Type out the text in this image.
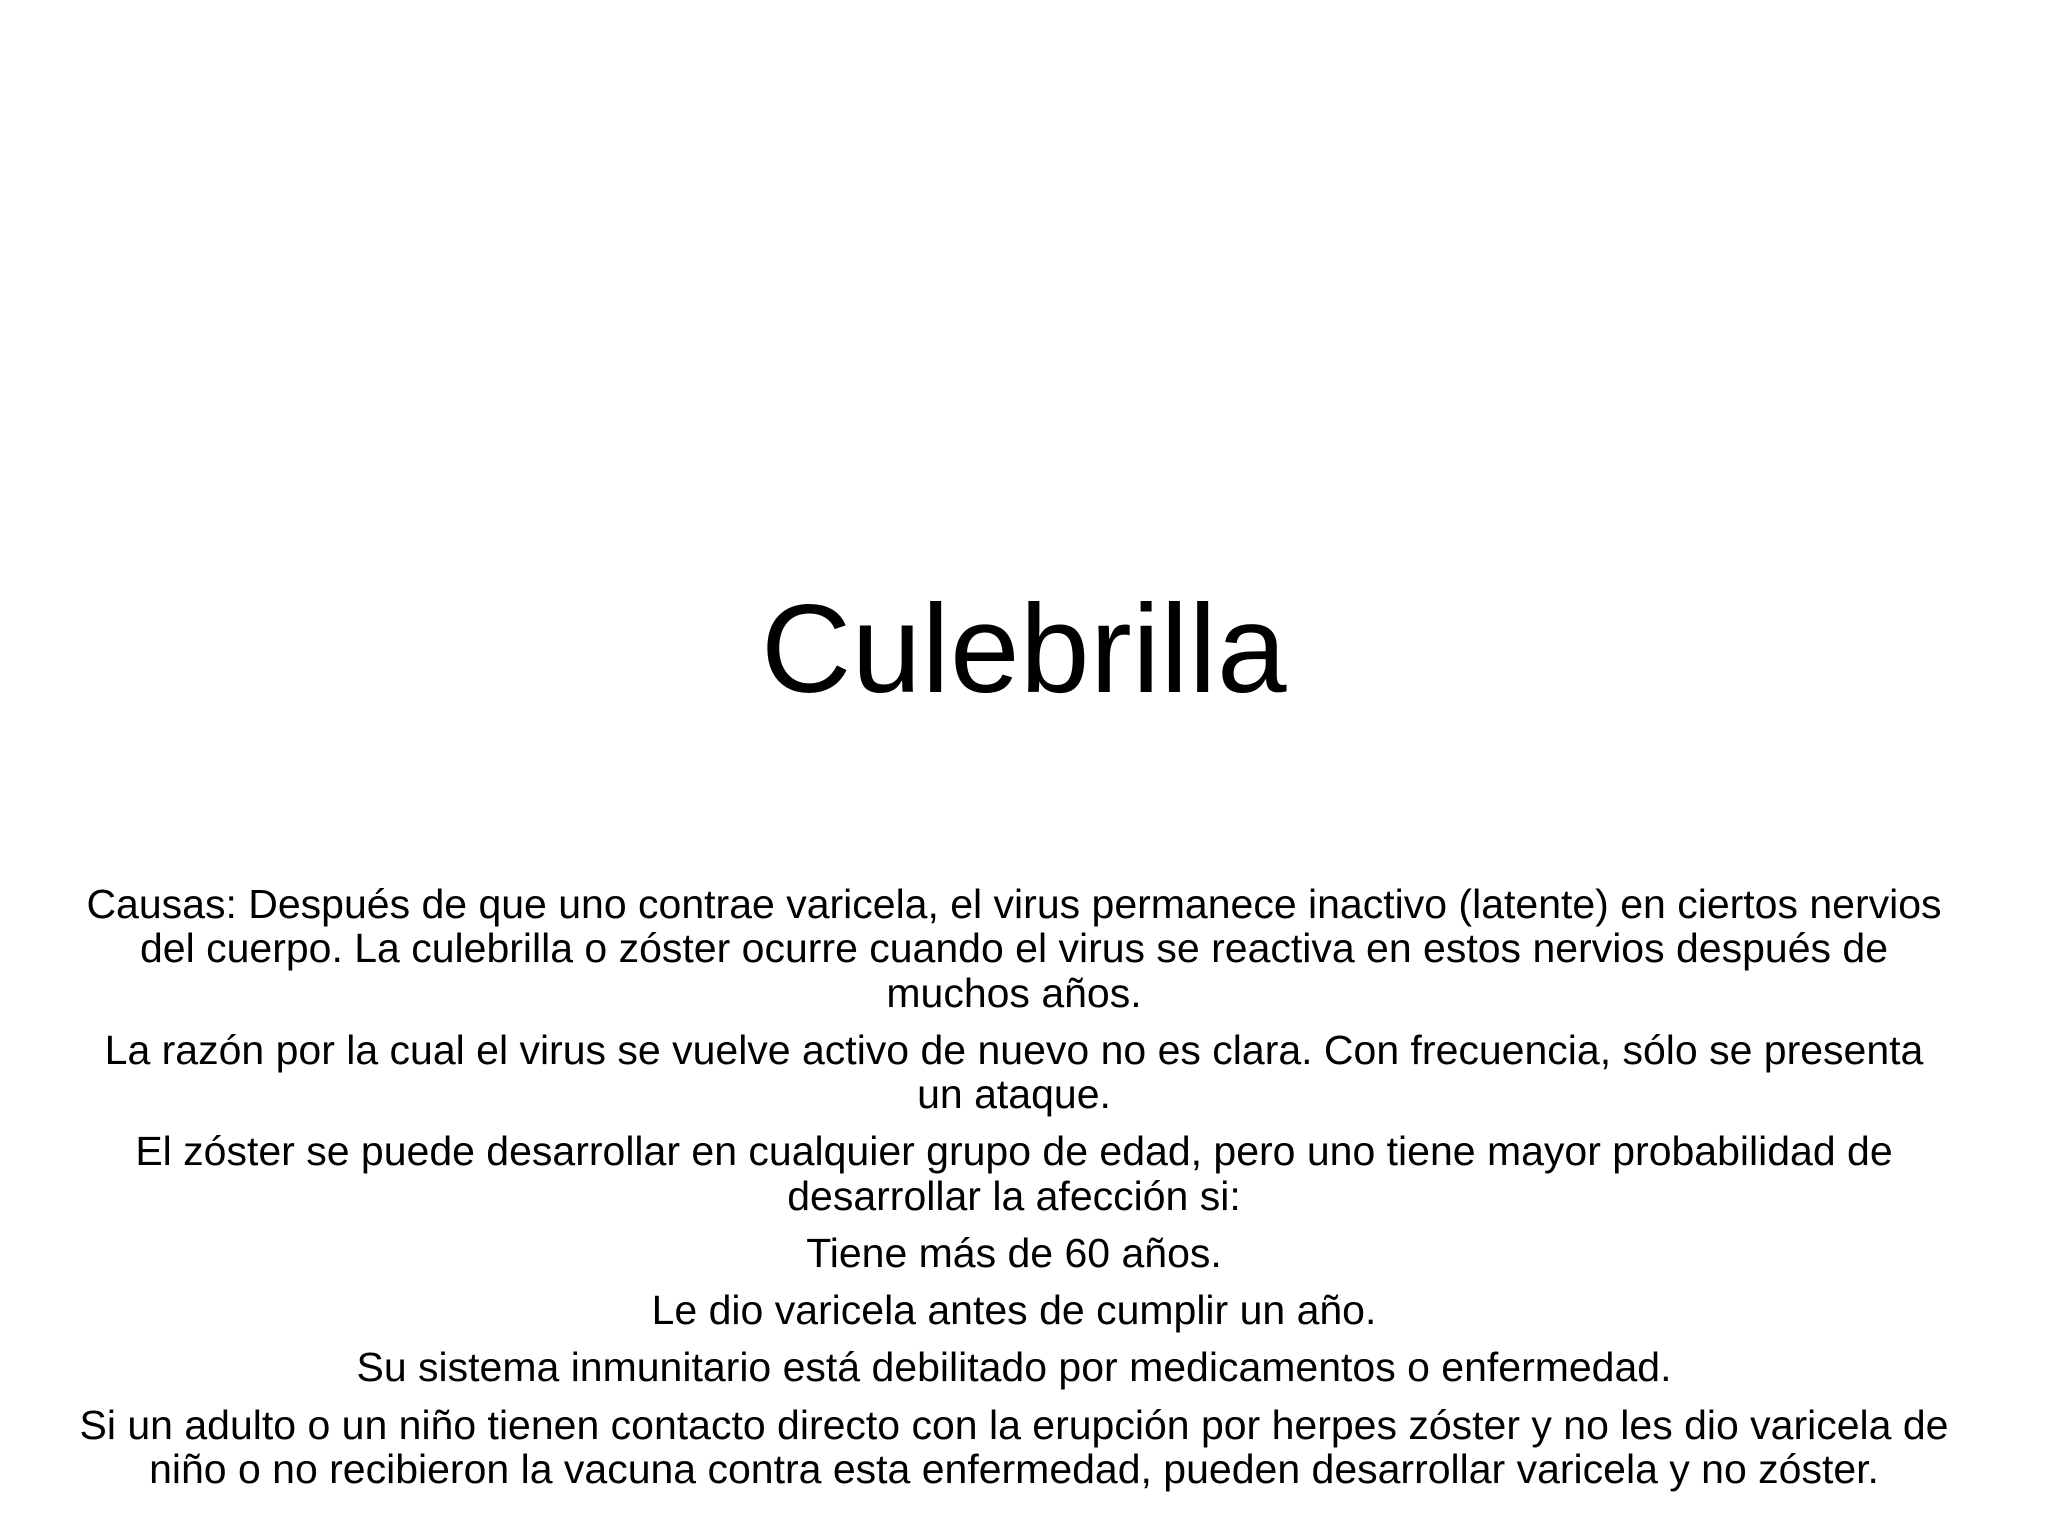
Culebrilla

Causas: Después de que uno contrae varicela, el virus permanece inactivo (latente) en ciertos nervios
del cuerpo. La culebrilla o zóster ocurre cuando el virus se reactiva en estos nervios después de
muchos años.

La razón por la cual el virus se vuelve activo de nuevo no es clara. Con frecuencia, sólo se presenta
un ataque.

El zóster se puede desarrollar en cualquier grupo de edad, pero uno tiene mayor probabilidad de
desarrollar la afección si:

Tiene más de 60 años.

Le dio varicela antes de cumplir un año.

Su sistema inmunitario está debilitado por medicamentos o enfermedad.

Si un adulto o un niño tienen contacto directo con la erupción por herpes zóster y no les dio varicela de
niño o no recibieron la vacuna contra esta enfermedad, pueden desarrollar varicela y no zóster.
